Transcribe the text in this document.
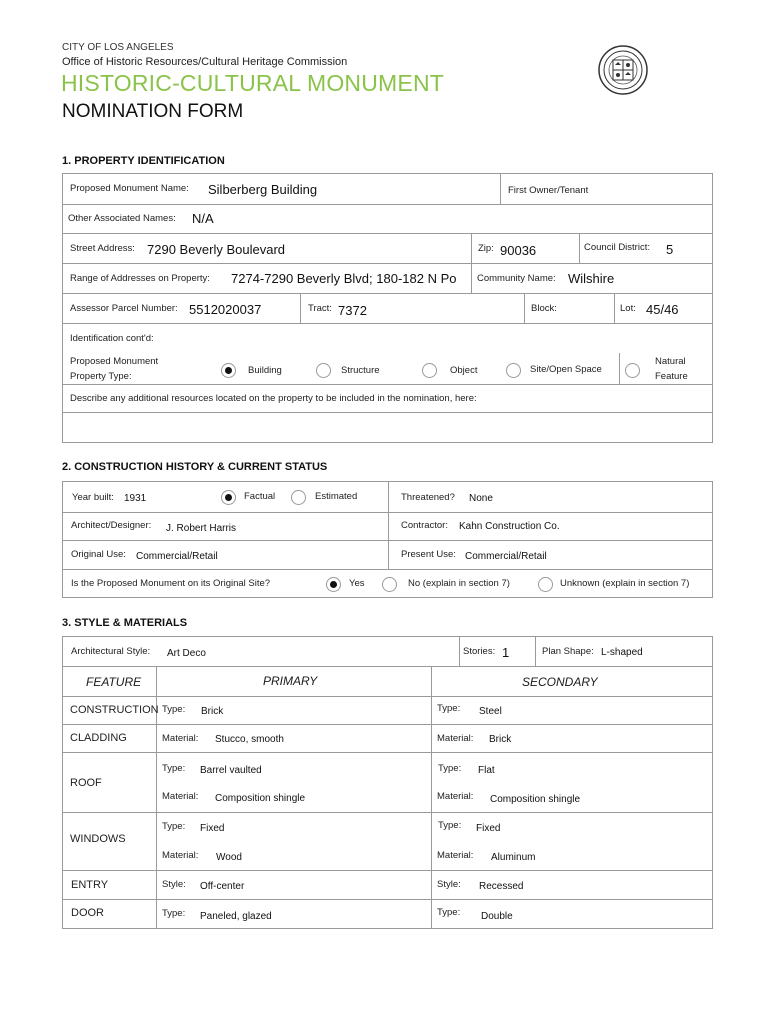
CITY OF LOS ANGELES
Office of Historic Resources/Cultural Heritage Commission
HISTORIC-CULTURAL MONUMENT
NOMINATION FORM
1. PROPERTY IDENTIFICATION
Proposed Monument Name: Silberberg Building	First Owner/Tenant
Other Associated Names: N/A
Street Address: 7290 Beverly Boulevard	Zip: 90036	Council District: 5
Range of Addresses on Property: 7274-7290 Beverly Blvd; 180-182 N Po Community Name: Wilshire
Assessor Parcel Number: 5512020037	Tract: 7372	Block:	Lot: 45/46
Identification cont'd:
Proposed Monument
Property Type:
Building	Structure	Object	Site/Open Space
Natural
Feature
Describe any additional resources located on the property to be included in the nomination, here:
2. CONSTRUCTION HISTORY & CURRENT STATUS
Year built: 1931	Factual	Estimated	Threatened? None
Architect/Designer: J. Robert Harris	Contractor: Kahn Construction Co.
Original Use: Commercial/Retail	Present Use: Commercial/Retail
Is the Proposed Monument on its Original Site?	Yes	No (explain in section 7)	Unknown (explain in section 7)
3. STYLE & MATERIALS
Architectural Style: Art Deco	Stories: 1	Plan Shape: L-shaped
FEATURE	PRIMARY	SECONDARY
CONSTRUCTION Type: Brick	Type: Steel
CLADDING	Material: Stucco, smooth	Material: Brick
ROOF
Type: Barrel vaulted	Type: Flat
Material: Composition shingle	Material: Composition shingle
WINDOWS
Type: Fixed	Type: Fixed
Material: Wood	Material: Aluminum
ENTRY	Style: Off-center	Style: Recessed
DOOR	Type: Paneled, glazed	Type: Double
